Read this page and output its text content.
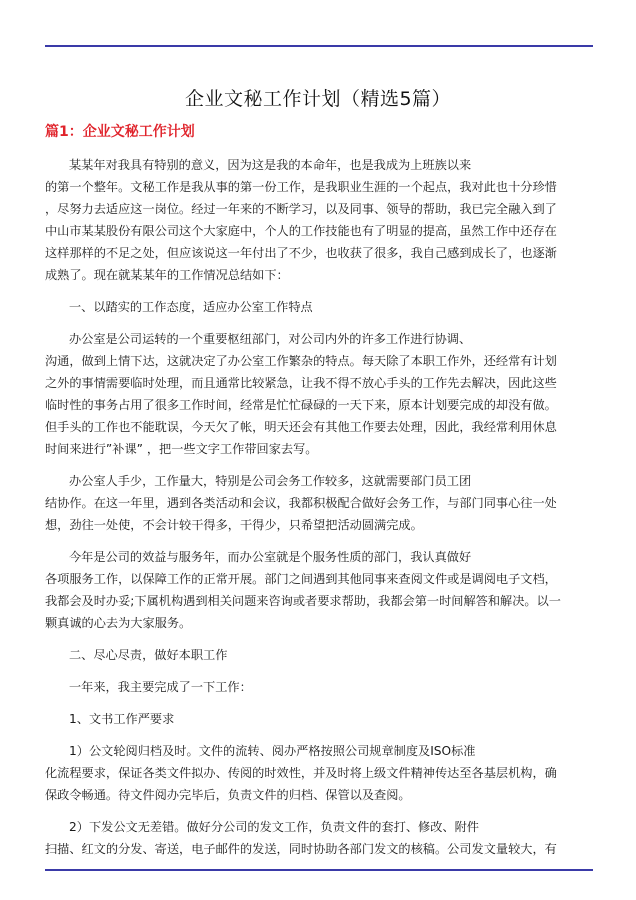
企业文秘工作计划（精选5篇）
篇1：企业文秘工作计划
某某年对我具有特别的意义，因为这是我的本命年，也是我成为上班族以来
的第一个整年。文秘工作是我从事的第一份工作，是我职业生涯的一个起点，我对此也十分珍惜
，尽努力去适应这一岗位。经过一年来的不断学习，以及同事、领导的帮助，我已完全融入到了
中山市某某股份有限公司这个大家庭中，个人的工作技能也有了明显的提高，虽然工作中还存在
这样那样的不足之处，但应该说这一年付出了不少，也收获了很多，我自己感到成长了，也逐渐
成熟了。现在就某某年的工作情况总结如下：
一、以踏实的工作态度，适应办公室工作特点
办公室是公司运转的一个重要枢纽部门，对公司内外的许多工作进行协调、
沟通，做到上情下达，这就决定了办公室工作繁杂的特点。每天除了本职工作外，还经常有计划
之外的事情需要临时处理，而且通常比较紧急，让我不得不放心手头的工作先去解决，因此这些
临时性的事务占用了很多工作时间，经常是忙忙碌碌的一天下来，原本计划要完成的却没有做。
但手头的工作也不能耽误，今天欠了帐，明天还会有其他工作要去处理，因此，我经常利用休息
时间来进行”补课” ，把一些文字工作带回家去写。
办公室人手少，工作量大，特别是公司会务工作较多，这就需要部门员工团
结协作。在这一年里，遇到各类活动和会议，我都积极配合做好会务工作，与部门同事心往一处
想，劲往一处使，不会计较干得多，干得少，只希望把活动圆满完成。
今年是公司的效益与服务年，而办公室就是个服务性质的部门，我认真做好
各项服务工作，以保障工作的正常开展。部门之间遇到其他同事来查阅文件或是调阅电子文档，
我都会及时办妥;下属机构遇到相关问题来咨询或者要求帮助，我都会第一时间解答和解决。以一
颗真诚的心去为大家服务。
二、尽心尽责，做好本职工作
一年来，我主要完成了一下工作：
1、文书工作严要求
1）公文轮阅归档及时。文件的流转、阅办严格按照公司规章制度及ISO标准
化流程要求，保证各类文件拟办、传阅的时效性，并及时将上级文件精神传达至各基层机构，确
保政令畅通。待文件阅办完毕后，负责文件的归档、保管以及查阅。
2）下发公文无差错。做好分公司的发文工作，负责文件的套打、修改、附件
扫描、红文的分发、寄送，电子邮件的发送，同时协助各部门发文的核稿。公司发文量较大，有
